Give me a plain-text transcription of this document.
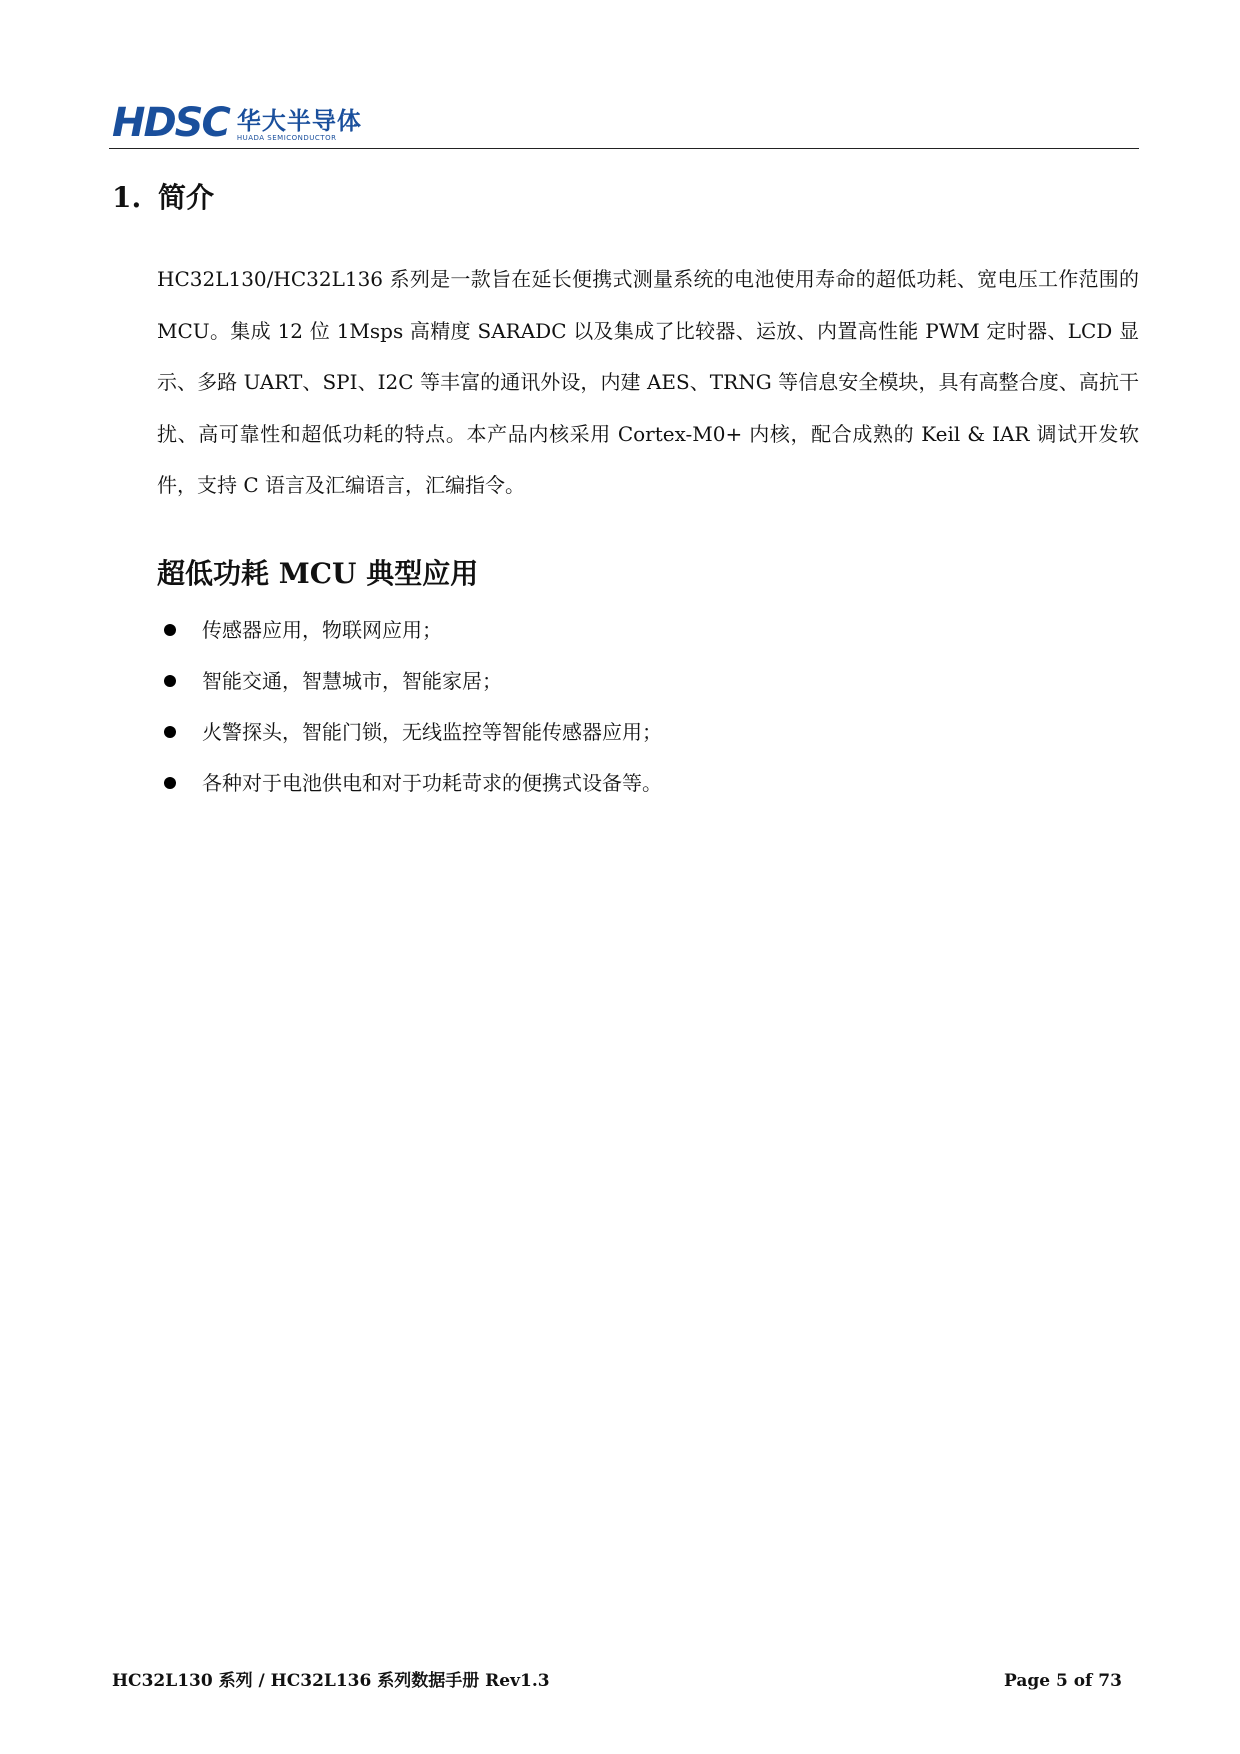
HDSC 华大半导体
HUADA SEMICONDUCTOR
1. 简介

HC32L130/HC32L136 系列是一款旨在延长便携式测量系统的电池使用寿命的超低功耗、宽电压工作范围的 MCU。集成 12 位 1Msps 高精度 SARADC 以及集成了比较器、运放、内置高性能 PWM 定时器、LCD 显示、多路 UART、SPI、I2C 等丰富的通讯外设，内建 AES、TRNG 等信息安全模块，具有高整合度、高抗干扰、高可靠性和超低功耗的特点。本产品内核采用 Cortex-M0+ 内核，配合成熟的 Keil & IAR 调试开发软件，支持 C 语言及汇编语言，汇编指令。

超低功耗 MCU 典型应用
传感器应用，物联网应用；
智能交通，智慧城市，智能家居；
火警探头，智能门锁，无线监控等智能传感器应用；
各种对于电池供电和对于功耗苛求的便携式设备等。
HC32L130 系列 / HC32L136 系列数据手册 Rev1.3	Page 5 of 73
